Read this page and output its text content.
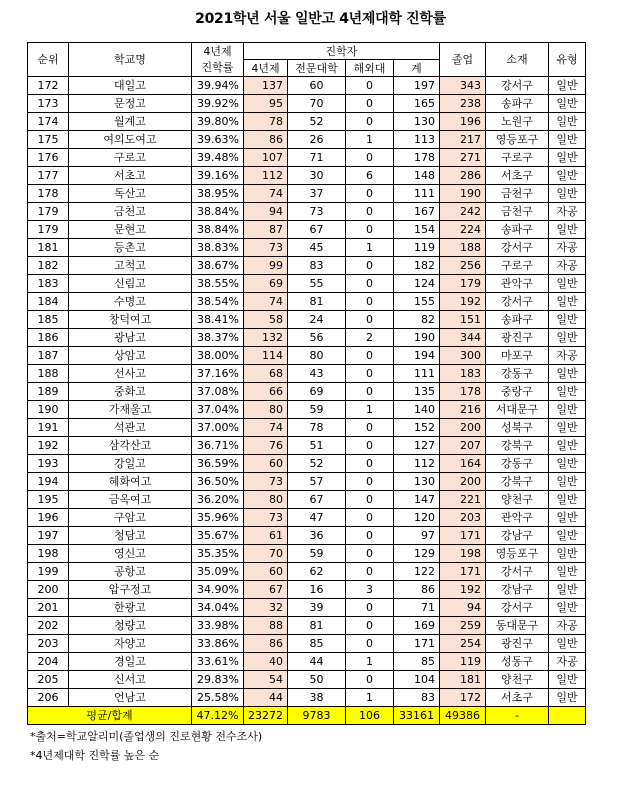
2021학년 서울 일반고 4년제대학 진학률
순위	학교명	4년제	진학자				졸업	소재	유형
		진학률	4년제	전문대학	해외대	계			
172	대일고	39.94%	137	60	0	197	343	강서구	일반
173	문정고	39.92%	95	70	0	165	238	송파구	일반
174	월계고	39.80%	78	52	0	130	196	노원구	일반
175	여의도여고	39.63%	86	26	1	113	217	영등포구	일반
176	구로고	39.48%	107	71	0	178	271	구로구	일반
177	서초고	39.16%	112	30	6	148	286	서초구	일반
178	독산고	38.95%	74	37	0	111	190	금천구	일반
179	금천고	38.84%	94	73	0	167	242	금천구	자공
179	문현고	38.84%	87	67	0	154	224	송파구	일반
181	등촌고	38.83%	73	45	1	119	188	강서구	자공
182	고척고	38.67%	99	83	0	182	256	구로구	자공
183	신림고	38.55%	69	55	0	124	179	관악구	일반
184	수명고	38.54%	74	81	0	155	192	강서구	일반
185	창덕여고	38.41%	58	24	0	82	151	송파구	일반
186	광남고	38.37%	132	56	2	190	344	광진구	일반
187	상암고	38.00%	114	80	0	194	300	마포구	자공
188	선사고	37.16%	68	43	0	111	183	강동구	일반
189	중화고	37.08%	66	69	0	135	178	중랑구	일반
190	가재울고	37.04%	80	59	1	140	216	서대문구	일반
191	석관고	37.00%	74	78	0	152	200	성북구	일반
192	삼각산고	36.71%	76	51	0	127	207	강북구	일반
193	강일고	36.59%	60	52	0	112	164	강동구	일반
194	혜화여고	36.50%	73	57	0	130	200	강북구	일반
195	금옥여고	36.20%	80	67	0	147	221	양천구	일반
196	구암고	35.96%	73	47	0	120	203	관악구	일반
197	청담고	35.67%	61	36	0	97	171	강남구	일반
198	영신고	35.35%	70	59	0	129	198	영등포구	일반
199	공항고	35.09%	60	62	0	122	171	강서구	일반
200	압구정고	34.90%	67	16	3	86	192	강남구	일반
201	한광고	34.04%	32	39	0	71	94	강서구	일반
202	청량고	33.98%	88	81	0	169	259	동대문구	자공
203	자양고	33.86%	86	85	0	171	254	광진구	일반
204	경일고	33.61%	40	44	1	85	119	성동구	자공
205	신서고	29.83%	54	50	0	104	181	양천구	일반
206	언남고	25.58%	44	38	1	83	172	서초구	일반
평균/합계		47.12%	23272	9783	106	33161	49386	-	
*출처=학교알리미(졸업생의 진로현황 전수조사)
*4년제대학 진학률 높은 순
